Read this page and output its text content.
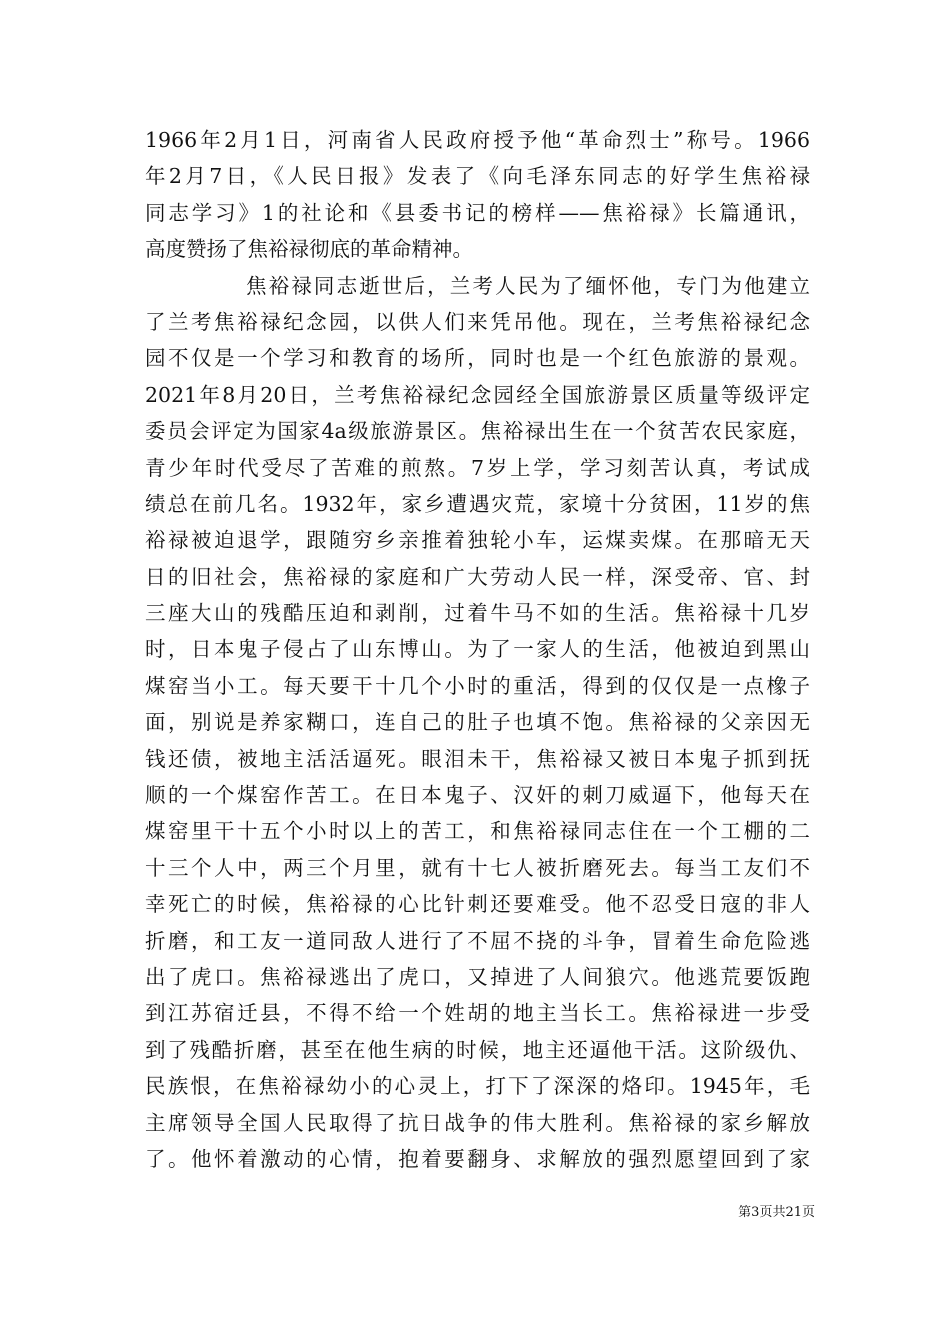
1966年2月1日，河南省人民政府授予他“革命烈士”称号。1966
年2月7日，《人民日报》发表了《向毛泽东同志的好学生焦裕禄
同志学习》1的社论和《县委书记的榜样——焦裕禄》长篇通讯，
高度赞扬了焦裕禄彻底的革命精神。
焦裕禄同志逝世后，兰考人民为了缅怀他，专门为他建立
了兰考焦裕禄纪念园，以供人们来凭吊他。现在，兰考焦裕禄纪念
园不仅是一个学习和教育的场所，同时也是一个红色旅游的景观。
2021年8月20日，兰考焦裕禄纪念园经全国旅游景区质量等级评定
委员会评定为国家4a级旅游景区。焦裕禄出生在一个贫苦农民家庭，
青少年时代受尽了苦难的煎熬。7岁上学，学习刻苦认真，考试成
绩总在前几名。1932年，家乡遭遇灾荒，家境十分贫困，11岁的焦
裕禄被迫退学，跟随穷乡亲推着独轮小车，运煤卖煤。在那暗无天
日的旧社会，焦裕禄的家庭和广大劳动人民一样，深受帝、官、封
三座大山的残酷压迫和剥削，过着牛马不如的生活。焦裕禄十几岁
时，日本鬼子侵占了山东博山。为了一家人的生活，他被迫到黑山
煤窑当小工。每天要干十几个小时的重活，得到的仅仅是一点橡子
面，别说是养家糊口，连自己的肚子也填不饱。焦裕禄的父亲因无
钱还债，被地主活活逼死。眼泪未干，焦裕禄又被日本鬼子抓到抚
顺的一个煤窑作苦工。在日本鬼子、汉奸的刺刀威逼下，他每天在
煤窑里干十五个小时以上的苦工，和焦裕禄同志住在一个工棚的二
十三个人中，两三个月里，就有十七人被折磨死去。每当工友们不
幸死亡的时候，焦裕禄的心比针刺还要难受。他不忍受日寇的非人
折磨，和工友一道同敌人进行了不屈不挠的斗争，冒着生命危险逃
出了虎口。焦裕禄逃出了虎口，又掉进了人间狼穴。他逃荒要饭跑
到江苏宿迁县，不得不给一个姓胡的地主当长工。焦裕禄进一步受
到了残酷折磨，甚至在他生病的时候，地主还逼他干活。这阶级仇、
民族恨，在焦裕禄幼小的心灵上，打下了深深的烙印。1945年，毛
主席领导全国人民取得了抗日战争的伟大胜利。焦裕禄的家乡解放
了。他怀着激动的心情，抱着要翻身、求解放的强烈愿望回到了家
第3页共21页
